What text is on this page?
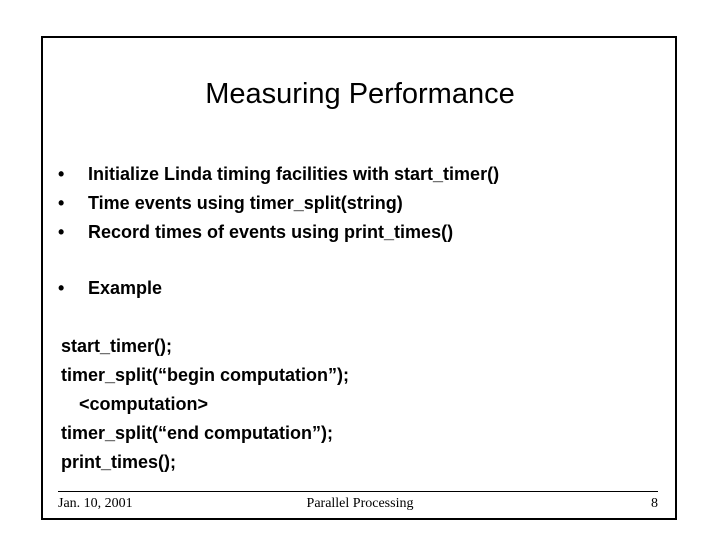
Measuring Performance
• Initialize Linda timing facilities with start_timer()
• Time events using timer_split(string)
• Record times of events using print_times()
• Example
start_timer();
timer_split(“begin computation”);
<computation>
timer_split(“end computation”);
print_times();
Jan. 10, 2001	Parallel Processing	8
